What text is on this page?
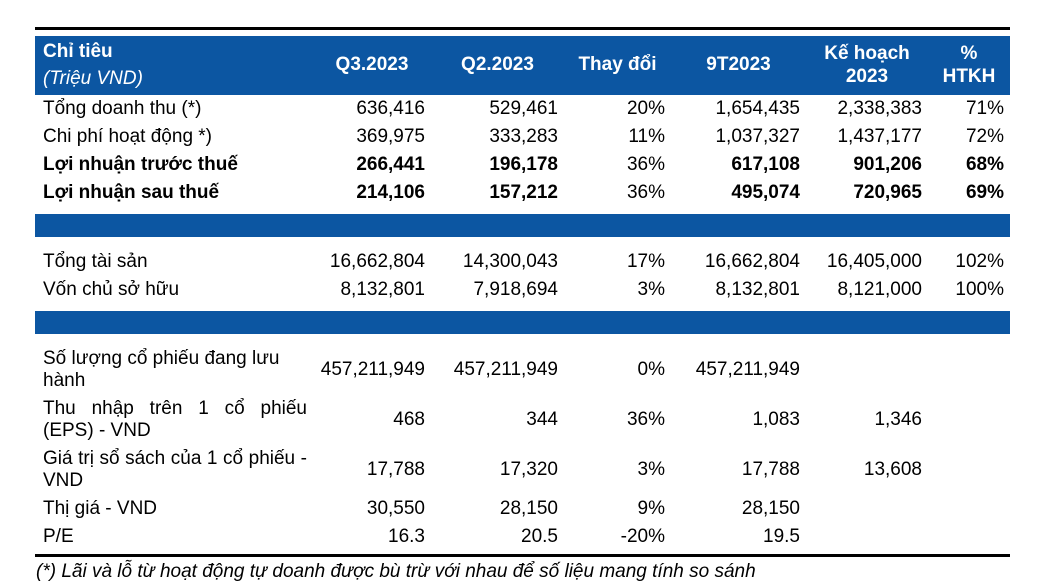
Chỉ tiêu
(Triệu VND)	Q3.2023	Q2.2023	Thay đổi	9T2023	Kế hoạch 2023	% HTKH
Tổng doanh thu (*)	636,416	529,461	20%	1,654,435	2,338,383	71%
Chi phí hoạt động *)	369,975	333,283	11%	1,037,327	1,437,177	72%
Lợi nhuận trước thuế	266,441	196,178	36%	617,108	901,206	68%
Lợi nhuận sau thuế	214,106	157,212	36%	495,074	720,965	69%

Tổng tài sản	16,662,804	14,300,043	17%	16,662,804	16,405,000	102%
Vốn chủ sở hữu	8,132,801	7,918,694	3%	8,132,801	8,121,000	100%

Số lượng cổ phiếu đang lưu hành	457,211,949	457,211,949	0%	457,211,949		
Thu nhập trên 1 cổ phiếu (EPS) - VND	468	344	36%	1,083	1,346	
Giá trị sổ sách của 1 cổ phiếu - VND	17,788	17,320	3%	17,788	13,608	
Thị giá - VND	30,550	28,150	9%	28,150		
P/E	16.3	20.5	-20%	19.5		
(*) Lãi và lỗ từ hoạt động tự doanh được bù trừ với nhau để số liệu mang tính so sánh
